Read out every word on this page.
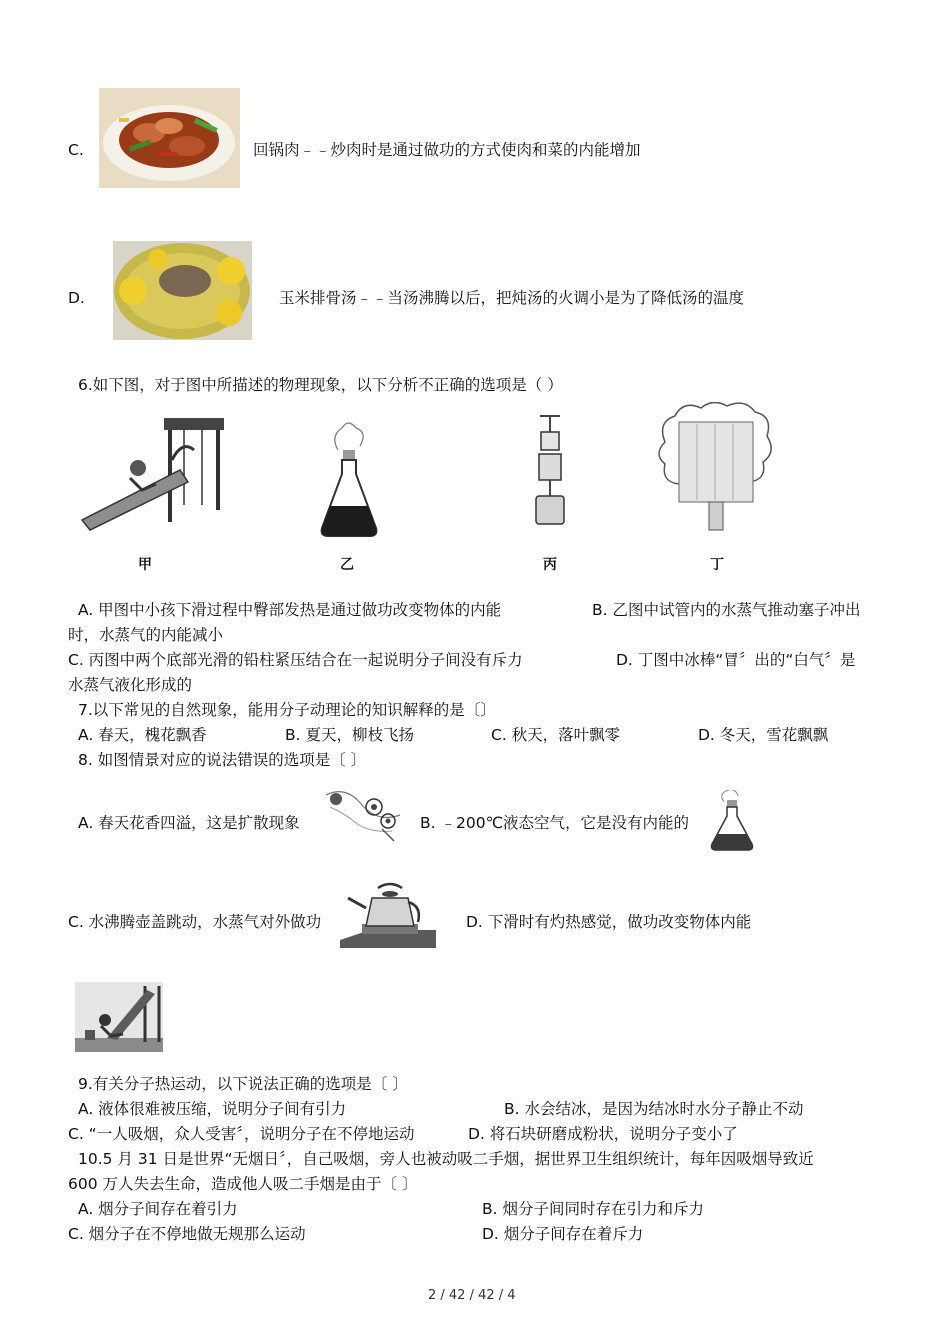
C.	回锅肉﹣﹣炒肉时是通过做功的方式使肉和菜的内能增加
D.	玉米排骨汤﹣﹣当汤沸腾以后，把炖汤的火调小是为了降低汤的温度
6.如下图，对于图中所描述的物理现象，以下分析不正确的选项是（ ）
甲	乙	丙	丁
A. 甲图中小孩下滑过程中臀部发热是通过做功改变物体的内能	B. 乙图中试管内的水蒸气推动塞子冲出
时，水蒸气的内能减小
C. 丙图中两个底部光滑的铅柱紧压结合在一起说明分子间没有斥力	D. 丁图中冰棒“冒〞出的“白气〞是
水蒸气液化形成的
7.以下常见的自然现象，能用分子动理论的知识解释的是〔〕
A. 春天，槐花飘香	B. 夏天，柳枝飞扬	C. 秋天，落叶飘零	D. 冬天，雪花飘飘
8. 如图情景对应的说法错误的选项是〔 〕
A. 春天花香四溢，这是扩散现象	B. ﹣200℃液态空气，它是没有内能的
C. 水沸腾壶盖跳动，水蒸气对外做功	D. 下滑时有灼热感觉，做功改变物体内能
9.有关分子热运动，以下说法正确的选项是〔 〕
A. 液体很难被压缩，说明分子间有引力	B. 水会结冰，是因为结冰时水分子静止不动
C. “一人吸烟，众人受害〞，说明分子在不停地运动	D. 将石块研磨成粉状，说明分子变小了
10.5 月 31 日是世界“无烟日〞，自己吸烟，旁人也被动吸二手烟，据世界卫生组织统计，每年因吸烟导致近
600 万人失去生命，造成他人吸二手烟是由于〔 〕
A. 烟分子间存在着引力	B. 烟分子间同时存在引力和斥力
C. 烟分子在不停地做无规那么运动	D. 烟分子间存在着斥力
2 / 42 / 42 / 4
